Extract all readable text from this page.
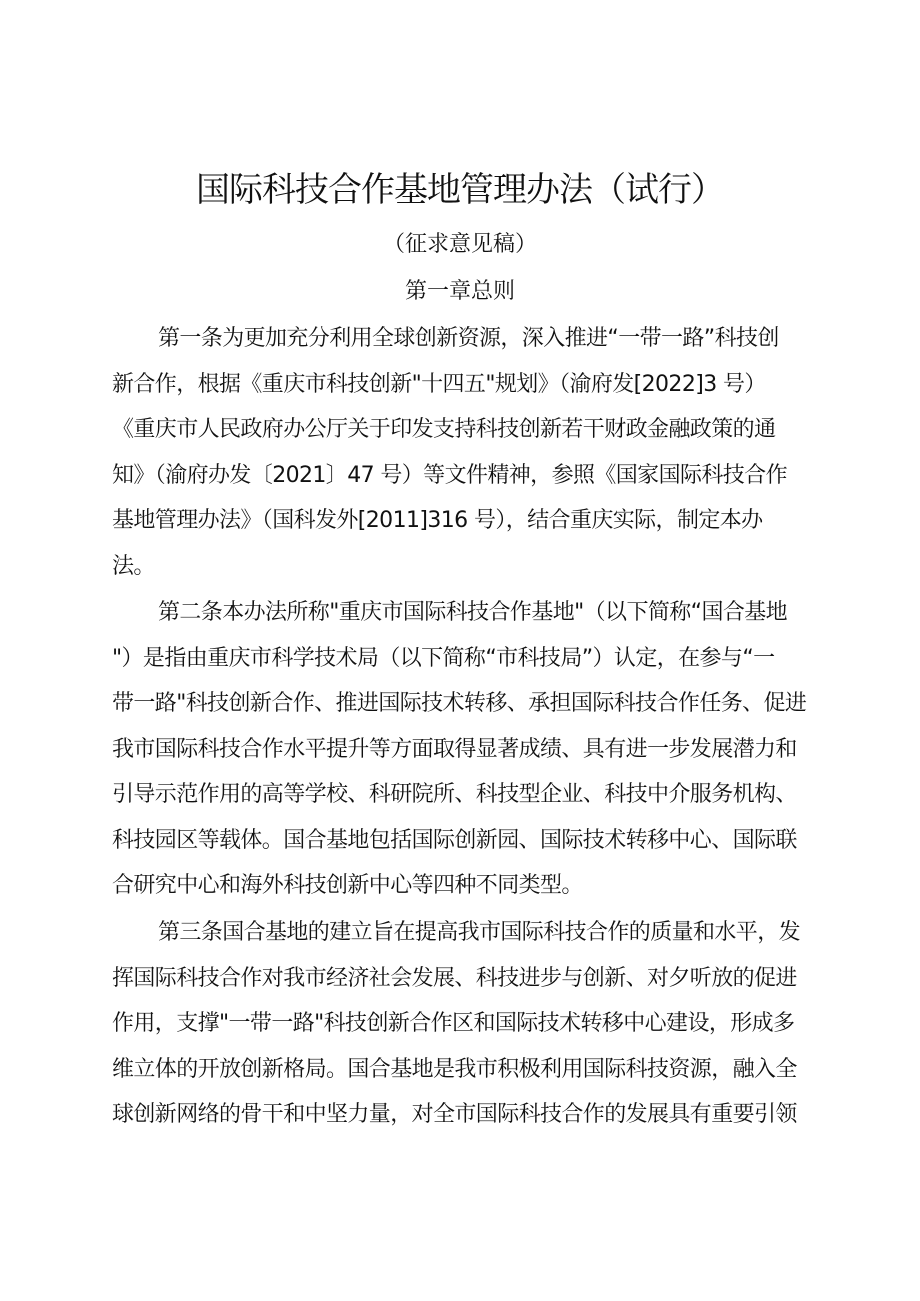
国际科技合作基地管理办法（试行）
（征求意见稿）
第一章总则
第一条为更加充分利用全球创新资源，深入推进“一带一路”科技创
新合作，根据《重庆市科技创新"十四五"规划》（渝府发[2022]3 号）
《重庆市人民政府办公厅关于印发支持科技创新若干财政金融政策的通
知》（渝府办发〔2021〕47 号）等文件精神，参照《国家国际科技合作
基地管理办法》（国科发外[2011]316 号），结合重庆实际，制定本办
法。
第二条本办法所称"重庆市国际科技合作基地"（以下简称“国合基地
"）是指由重庆市科学技术局（以下简称“市科技局”）认定，在参与“一
带一路"科技创新合作、推进国际技术转移、承担国际科技合作任务、促进
我市国际科技合作水平提升等方面取得显著成绩、具有进一步发展潜力和
引导示范作用的高等学校、科研院所、科技型企业、科技中介服务机构、
科技园区等载体。国合基地包括国际创新园、国际技术转移中心、国际联
合研究中心和海外科技创新中心等四种不同类型。
第三条国合基地的建立旨在提高我市国际科技合作的质量和水平，发
挥国际科技合作对我市经济社会发展、科技进步与创新、对夕听放的促进
作用，支撑"一带一路"科技创新合作区和国际技术转移中心建设，形成多
维立体的开放创新格局。国合基地是我市积极利用国际科技资源，融入全
球创新网络的骨干和中坚力量，对全市国际科技合作的发展具有重要引领
